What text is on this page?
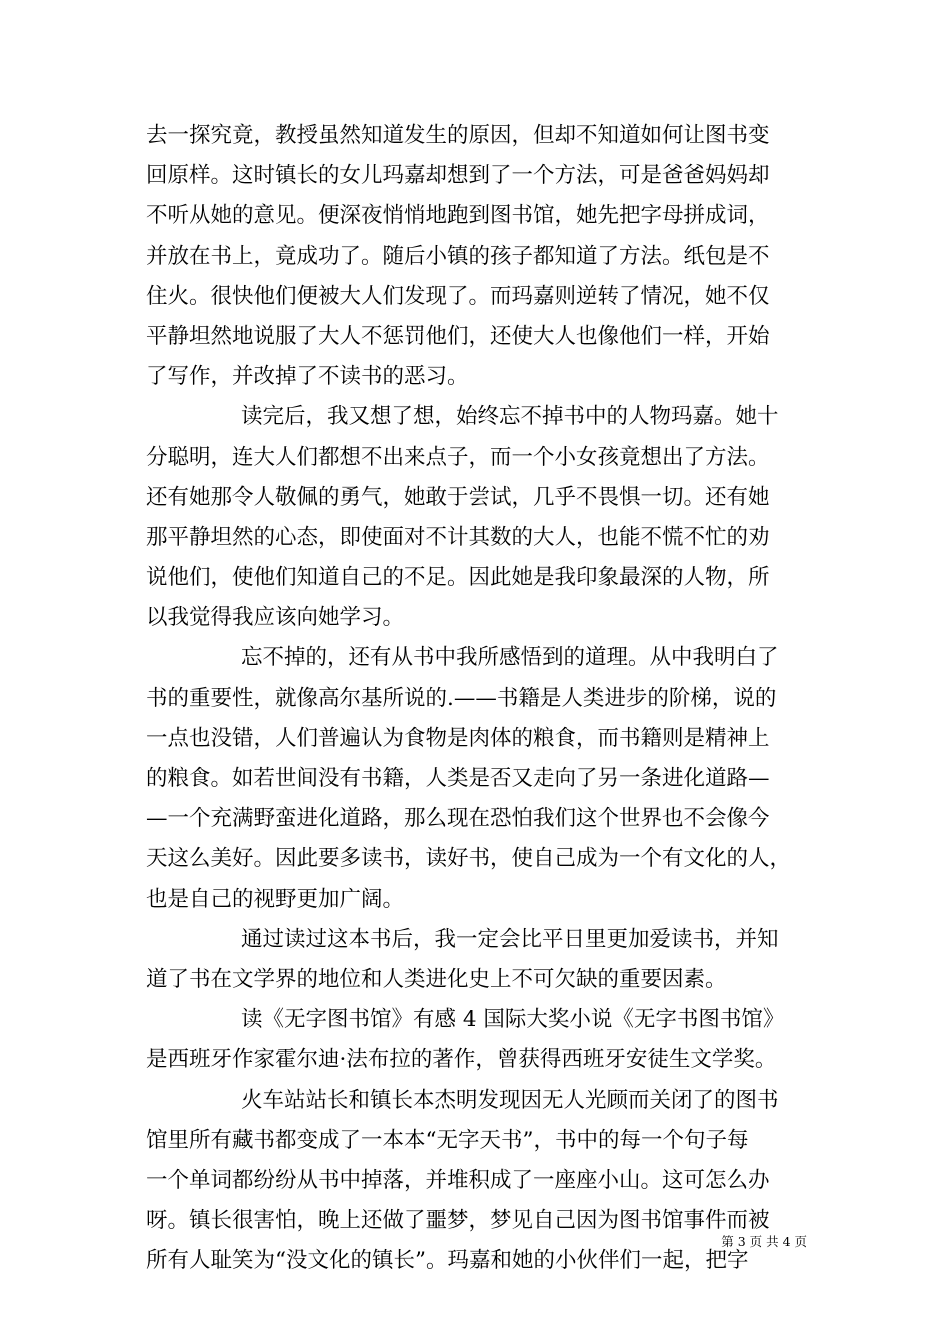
去一探究竟，教授虽然知道发生的原因，但却不知道如何让图书变
回原样。这时镇长的女儿玛嘉却想到了一个方法，可是爸爸妈妈却
不听从她的意见。便深夜悄悄地跑到图书馆，她先把字母拼成词，
并放在书上，竟成功了。随后小镇的孩子都知道了方法。纸包是不
住火。很快他们便被大人们发现了。而玛嘉则逆转了情况，她不仅
平静坦然地说服了大人不惩罚他们，还使大人也像他们一样，开始
了写作，并改掉了不读书的恶习。
读完后，我又想了想，始终忘不掉书中的人物玛嘉。她十
分聪明，连大人们都想不出来点子，而一个小女孩竟想出了方法。
还有她那令人敬佩的勇气，她敢于尝试，几乎不畏惧一切。还有她
那平静坦然的心态，即使面对不计其数的大人，也能不慌不忙的劝
说他们，使他们知道自己的不足。因此她是我印象最深的人物，所
以我觉得我应该向她学习。
忘不掉的，还有从书中我所感悟到的道理。从中我明白了
书的重要性，就像高尔基所说的.——书籍是人类进步的阶梯，说的
一点也没错，人们普遍认为食物是肉体的粮食，而书籍则是精神上
的粮食。如若世间没有书籍，人类是否又走向了另一条进化道路—
—一个充满野蛮进化道路，那么现在恐怕我们这个世界也不会像今
天这么美好。因此要多读书，读好书，使自己成为一个有文化的人，
也是自己的视野更加广阔。
通过读过这本书后，我一定会比平日里更加爱读书，并知
道了书在文学界的地位和人类进化史上不可欠缺的重要因素。
读《无字图书馆》有感 4 国际大奖小说《无字书图书馆》
是西班牙作家霍尔迪·法布拉的著作，曾获得西班牙安徒生文学奖。
火车站站长和镇长本杰明发现因无人光顾而关闭了的图书
馆里所有藏书都变成了一本本“无字天书”，书中的每一个句子每
一个单词都纷纷从书中掉落，并堆积成了一座座小山。这可怎么办
呀。镇长很害怕，晚上还做了噩梦，梦见自己因为图书馆事件而被
所有人耻笑为“没文化的镇长”。玛嘉和她的小伙伴们一起，把字
第 3 页 共 4 页
